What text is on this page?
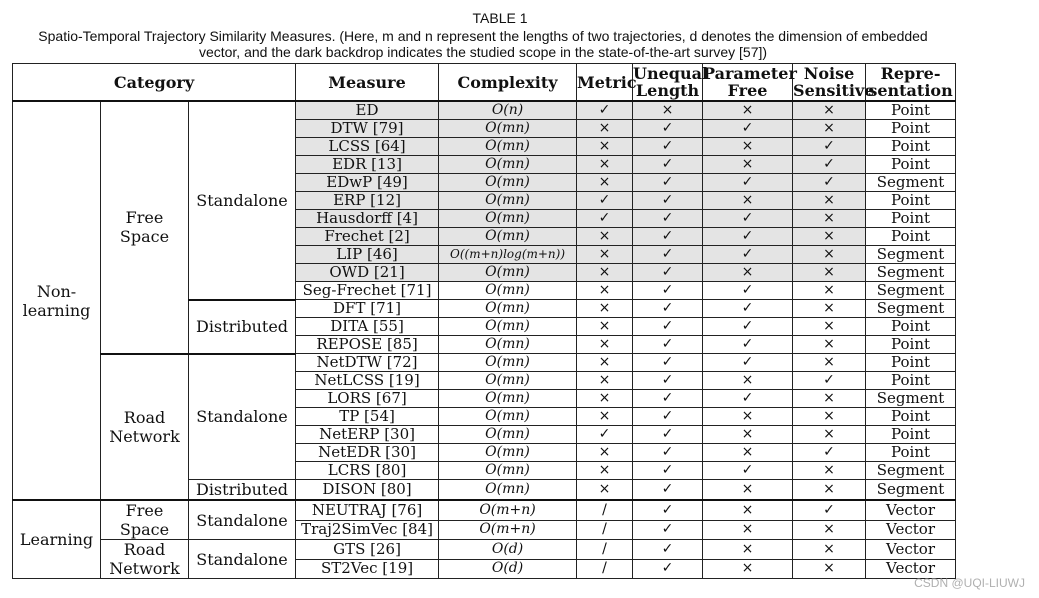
TABLE 1
Spatio-Temporal Trajectory Similarity Measures. (Here, m and n represent the lengths of two trajectories, d denotes the dimension of embedded
vector, and the dark backdrop indicates the studied scope in the state-of-the-art survey [57])
Category			Measure	Complexity	Metric	Unequal Length	Parameter Free	Noise Sensitive	Repre- sentation
Non- learning	Free Space	Standalone	ED	O(n)	✓	×	×	×	Point
			DTW [79]	O(mn)	×	✓	✓	×	Point
			LCSS [64]	O(mn)	×	✓	×	✓	Point
			EDR [13]	O(mn)	×	✓	×	✓	Point
			EDwP [49]	O(mn)	×	✓	✓	✓	Segment
			ERP [12]	O(mn)	✓	✓	×	×	Point
			Hausdorff [4]	O(mn)	✓	✓	✓	×	Point
			Frechet [2]	O(mn)	×	✓	✓	×	Point
			LIP [46]	O((m+n)log(m+n))	×	✓	✓	×	Segment
			OWD [21]	O(mn)	×	✓	×	×	Segment
			Seg-Frechet [71]	O(mn)	×	✓	✓	×	Segment
		Distributed	DFT [71]	O(mn)	×	✓	✓	×	Segment
			DITA [55]	O(mn)	×	✓	✓	×	Point
			REPOSE [85]	O(mn)	×	✓	✓	×	Point
	Road Network	Standalone	NetDTW [72]	O(mn)	×	✓	✓	×	Point
			NetLCSS [19]	O(mn)	×	✓	×	✓	Point
			LORS [67]	O(mn)	×	✓	✓	×	Segment
			TP [54]	O(mn)	×	✓	×	×	Point
			NetERP [30]	O(mn)	✓	✓	×	×	Point
			NetEDR [30]	O(mn)	×	✓	×	✓	Point
			LCRS [80]	O(mn)	×	✓	✓	×	Segment
		Distributed	DISON [80]	O(mn)	×	✓	×	×	Segment
Learning	Free Space	Standalone	NEUTRAJ [76]	O(m+n)	/	✓	×	✓	Vector
			Traj2SimVec [84]	O(m+n)	/	✓	×	×	Vector
	Road Network	Standalone	GTS [26]	O(d)	/	✓	×	×	Vector
			ST2Vec [19]	O(d)	/	✓	×	×	Vector
CSDN @UQI-LIUWJ
